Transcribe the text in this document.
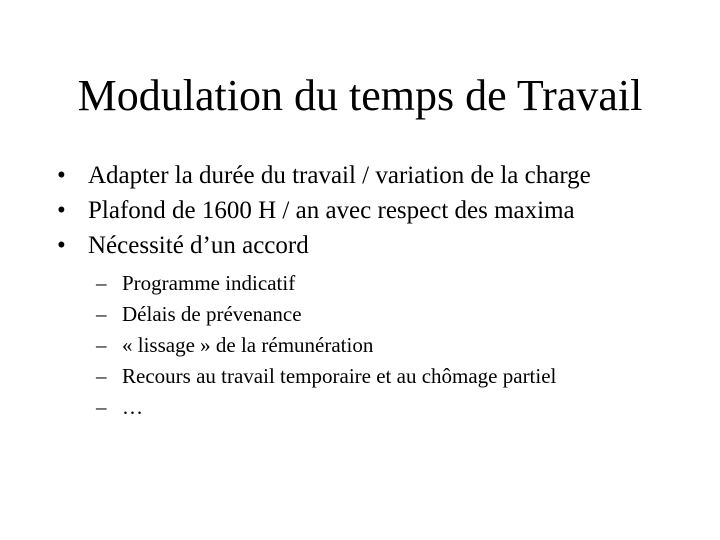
Modulation du temps de Travail
• Adapter la durée du travail / variation de la charge
• Plafond de 1600 H / an avec respect des maxima
• Nécessité d’un accord
– Programme indicatif
– Délais de prévenance
– « lissage » de la rémunération
– Recours au travail temporaire et au chômage partiel
– …
